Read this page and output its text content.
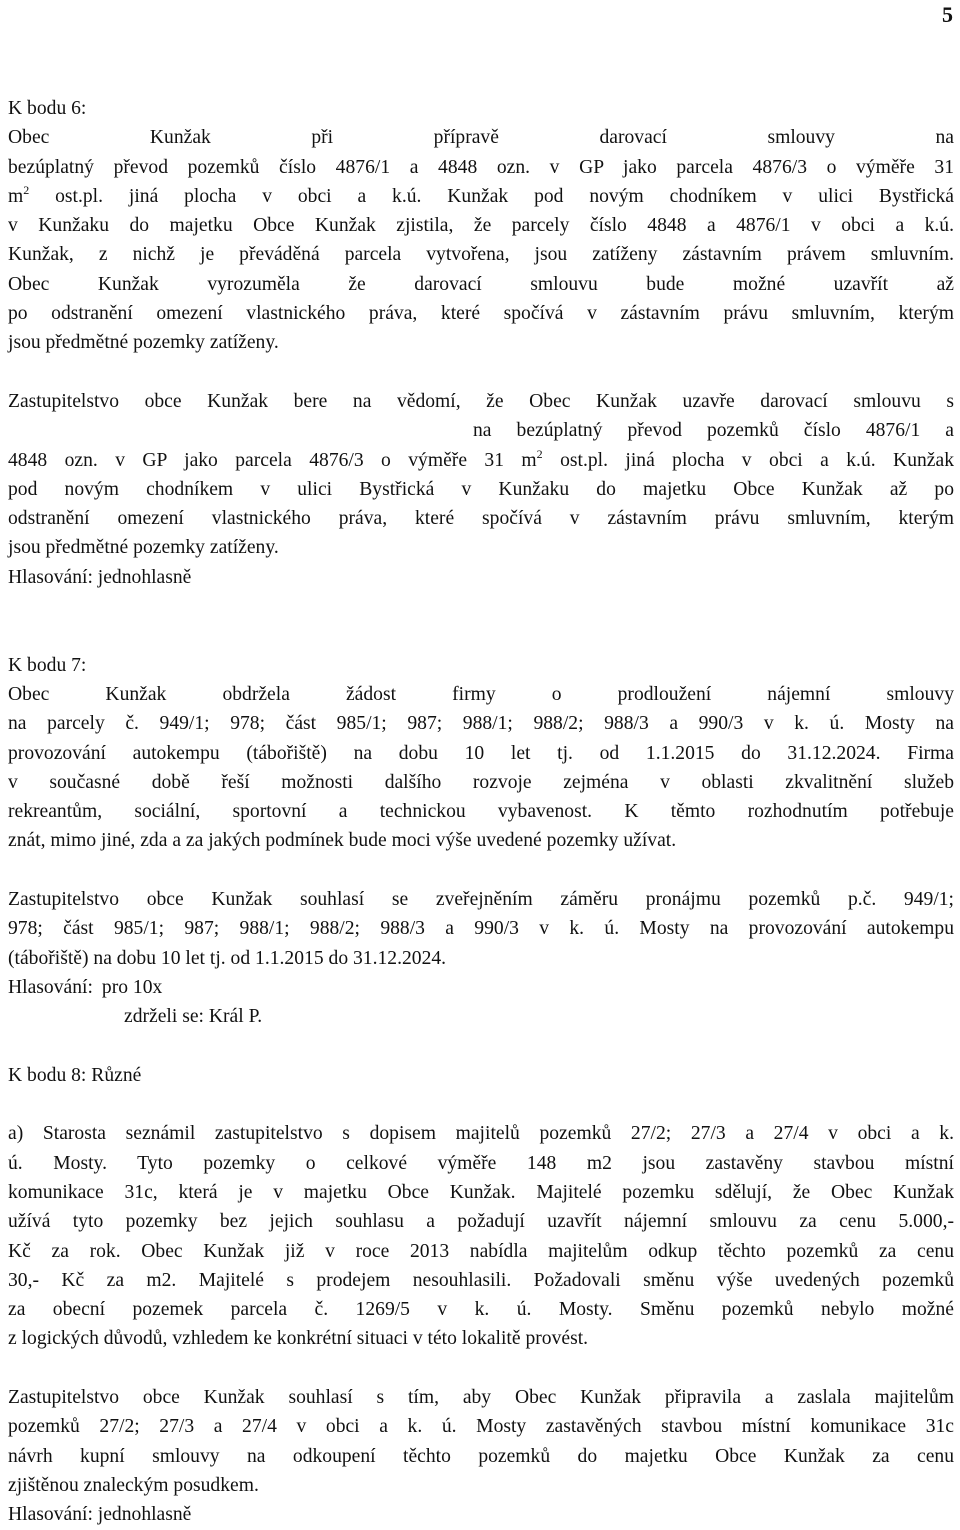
5
K bodu 6:
Obec Kunžak při přípravě darovací smlouvy	na
bezúplatný převod pozemků číslo 4876/1 a 4848 ozn. v GP jako parcela 4876/3 o výměře 31
$m^2$ ost.pl. jiná plocha v obci a k.ú. Kunžak pod novým chodníkem v ulici Bystřická
v Kunžaku do majetku Obce Kunžak zjistila, že parcely číslo 4848 a 4876/1 v obci a k.ú.
Kunžak, z nichž je převáděná parcela vytvořena, jsou zatíženy zástavním právem smluvním.
Obec Kunžak vyrozuměla že darovací smlouvu bude možné uzavřít až
po odstranění omezení vlastnického práva, které spočívá v zástavním právu smluvním, kterým
jsou předmětné pozemky zatíženy.
Zastupitelstvo obce Kunžak bere na vědomí, že Obec Kunžak uzavře darovací smlouvu s
na bezúplatný převod pozemků číslo 4876/1 a
4848 ozn. v GP jako parcela 4876/3 o výměře 31 $m^2$ ost.pl. jiná plocha v obci a k.ú. Kunžak
pod novým chodníkem v ulici Bystřická v Kunžaku do majetku Obce Kunžak až po
odstranění omezení vlastnického práva, které spočívá v zástavním právu smluvním, kterým
jsou předmětné pozemky zatíženy.
Hlasování: jednohlasně
K bodu 7:
Obec Kunžak obdržela žádost firmy	o prodloužení nájemní smlouvy
na parcely č. 949/1; 978; část 985/1; 987; 988/1; 988/2; 988/3 a 990/3 v k. ú. Mosty na
provozování autokempu (tábořiště) na dobu 10 let tj. od 1.1.2015 do 31.12.2024. Firma
v současné době řeší možnosti dalšího rozvoje zejména v oblasti zkvalitnění služeb
rekreantům, sociální, sportovní a technickou vybavenost. K těmto rozhodnutím potřebuje
znát, mimo jiné, zda a za jakých podmínek bude moci výše uvedené pozemky užívat.
Zastupitelstvo obce Kunžak souhlasí se zveřejněním záměru pronájmu pozemků p.č. 949/1;
978; část 985/1; 987; 988/1; 988/2; 988/3 a 990/3 v k. ú. Mosty na provozování autokempu
(tábořiště) na dobu 10 let tj. od 1.1.2015 do 31.12.2024.
Hlasování: pro 10x
zdrželi se: Král P.
K bodu 8: Různé
a) Starosta seznámil zastupitelstvo s dopisem majitelů pozemků 27/2; 27/3 a 27/4 v obci a k.
ú. Mosty. Tyto pozemky o celkové výměře 148 m2 jsou zastavěny stavbou místní
komunikace 31c, která je v majetku Obce Kunžak. Majitelé pozemku sdělují, že Obec Kunžak
užívá tyto pozemky bez jejich souhlasu a požadují uzavřít nájemní smlouvu za cenu 5.000,-
Kč za rok. Obec Kunžak již v roce 2013 nabídla majitelům odkup těchto pozemků za cenu
30,- Kč za m2. Majitelé s prodejem nesouhlasili. Požadovali směnu výše uvedených pozemků
za obecní pozemek parcela č. 1269/5 v k. ú. Mosty. Směnu pozemků nebylo možné
z logických důvodů, vzhledem ke konkrétní situaci v této lokalitě provést.
Zastupitelstvo obce Kunžak souhlasí s tím, aby Obec Kunžak připravila a zaslala majitelům
pozemků 27/2; 27/3 a 27/4 v obci a k. ú. Mosty zastavěných stavbou místní komunikace 31c
návrh kupní smlouvy na odkoupení těchto pozemků do majetku Obce Kunžak za cenu
zjištěnou znaleckým posudkem.
Hlasování: jednohlasně
